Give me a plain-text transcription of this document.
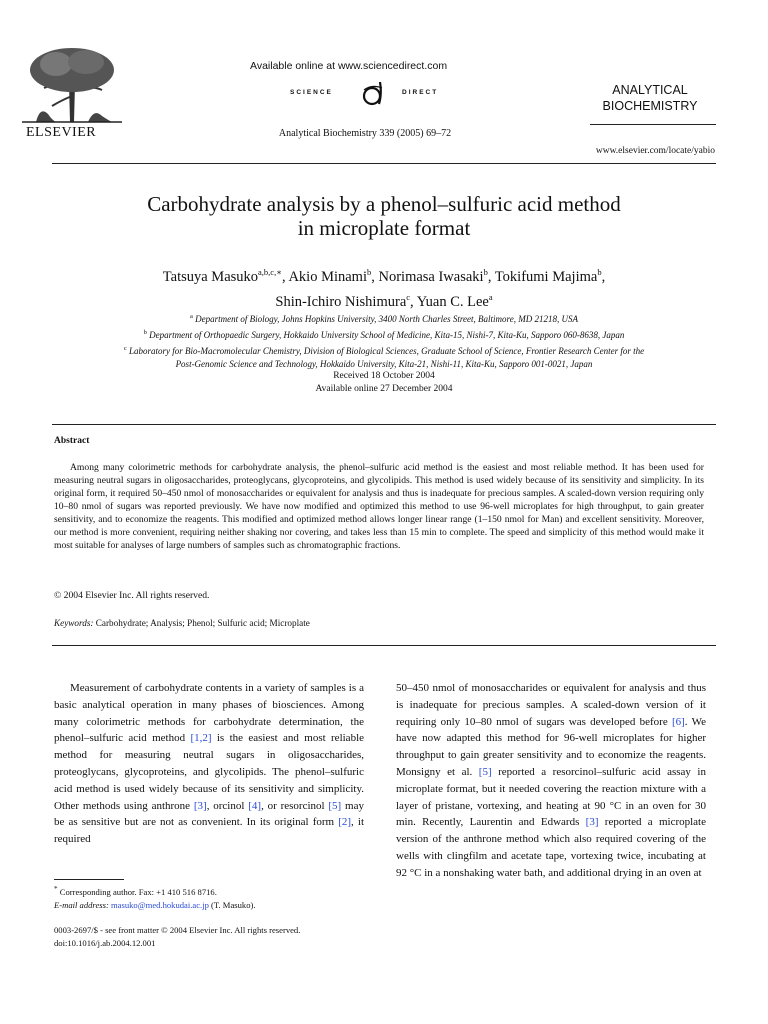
ELSEVIER
Available online at www.sciencedirect.com
SCIENCE	DIRECT
Analytical Biochemistry 339 (2005) 69–72
ANALYTICAL
BIOCHEMISTRY
www.elsevier.com/locate/yabio
Carbohydrate analysis by a phenol–sulfuric acid method
in microplate format
Tatsuya Masuko$^{a,b,c,∗}$, Akio Minami$^b$, Norimasa Iwasaki$^b$, Tokifumi Majima$^b$,
Shin-Ichiro Nishimura$^c$, Yuan C. Lee$^a$
$^a$ Department of Biology, Johns Hopkins University, 3400 North Charles Street, Baltimore, MD 21218, USA
$^b$ Department of Orthopaedic Surgery, Hokkaido University School of Medicine, Kita-15, Nishi-7, Kita-Ku, Sapporo 060-8638, Japan
$^c$ Laboratory for Bio-Macromolecular Chemistry, Division of Biological Sciences, Graduate School of Science, Frontier Research Center for the
Post-Genomic Science and Technology, Hokkaido University, Kita-21, Nishi-11, Kita-Ku, Sapporo 001-0021, Japan
Received 18 October 2004
Available online 27 December 2004
Abstract
Among many colorimetric methods for carbohydrate analysis, the phenol–sulfuric acid method is the easiest and most reliable method. It has been used for measuring neutral sugars in oligosaccharides, proteoglycans, glycoproteins, and glycolipids. This method is used widely because of its sensitivity and simplicity. In its original form, it required 50–450 nmol of monosaccharides or equivalent for analysis and thus is inadequate for precious samples. A scaled-down version requiring only 10–80 nmol of sugars was reported previously. We have now modified and optimized this method to use 96-well microplates for high throughput, to gain greater sensitivity, and to economize the reagents. This modified and optimized method allows longer linear range (1–150 nmol for Man) and excellent sensitivity. Moreover, our method is more convenient, requiring neither shaking nor covering, and takes less than 15 min to complete. The speed and simplicity of this method would make it most suitable for analyses of large numbers of samples such as chromatographic fractions.
© 2004 Elsevier Inc. All rights reserved.
Keywords: Carbohydrate; Analysis; Phenol; Sulfuric acid; Microplate
Measurement of carbohydrate contents in a variety of samples is a basic analytical operation in many phases of biosciences. Among many colorimetric methods for carbohydrate determination, the phenol–sulfuric acid method [1,2] is the easiest and most reliable method for measuring neutral sugars in oligosaccharides, proteoglycans, glycoproteins, and glycolipids. The phenol–sulfuric acid method is used widely because of its sensitivity and simplicity. Other methods using anthrone [3], orcinol [4], or resorcinol [5] may be as sensitive but are not as convenient. In its original form [2], it required
50–450 nmol of monosaccharides or equivalent for analysis and thus is inadequate for precious samples. A scaled-down version of it requiring only 10–80 nmol of sugars was developed before [6]. We have now adapted this method for 96-well microplates for higher throughput to gain greater sensitivity and to economize the reagents. Monsigny et al. [5] reported a resorcinol–sulfuric acid assay in microplate format, but it needed covering the reaction mixture with a layer of pristane, vortexing, and heating at 90 °C in an oven for 30 min. Recently, Laurentin and Edwards [3] reported a microplate version of the anthrone method which also required covering of the wells with clingfilm and acetate tape, vortexing twice, incubating at 92 °C in a nonshaking water bath, and additional drying in an oven at
* Corresponding author. Fax: +1 410 516 8716.
E-mail address: masuko@med.hokudai.ac.jp (T. Masuko).
0003-2697/$ - see front matter © 2004 Elsevier Inc. All rights reserved.
doi:10.1016/j.ab.2004.12.001
